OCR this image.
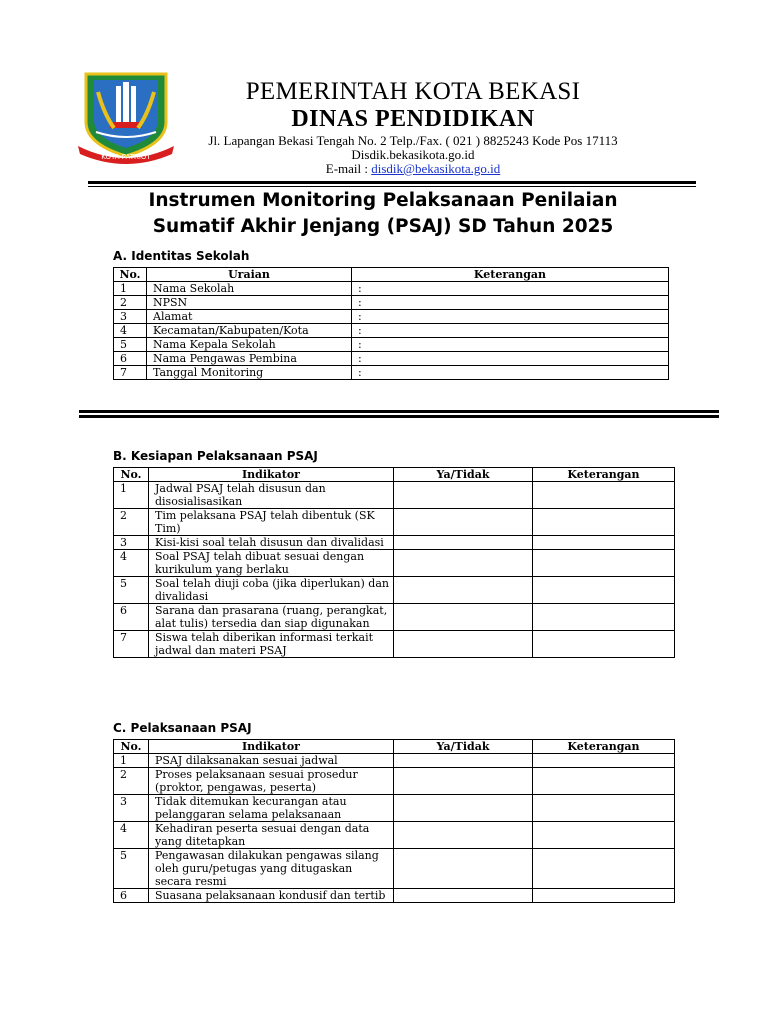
KOTA PATRIOT
PEMERINTAH KOTA BEKASI
DINAS PENDIDIKAN
Jl. Lapangan Bekasi Tengah No. 2 Telp./Fax. ( 021 ) 8825243 Kode Pos 17113
Disdik.bekasikota.go.id
E-mail : disdik@bekasikota.go.id
Instrumen Monitoring Pelaksanaan Penilaian
Sumatif Akhir Jenjang (PSAJ) SD Tahun 2025
A. Identitas Sekolah
No.	Uraian	Keterangan	
1	Nama Sekolah	:	
2	NPSN	:	
3	Alamat	:	
4	Kecamatan/Kabupaten/Kota	:	
5	Nama Kepala Sekolah	:	
6	Nama Pengawas Pembina	:	
7	Tanggal Monitoring	:	
B. Kesiapan Pelaksanaan PSAJ
No.	Indikator	Ya/Tidak	Keterangan
1	Jadwal PSAJ telah disusun dan disosialisasikan		
2	Tim pelaksana PSAJ telah dibentuk (SK Tim)		
3	Kisi-kisi soal telah disusun dan divalidasi		
4	Soal PSAJ telah dibuat sesuai dengan kurikulum yang berlaku		
5	Soal telah diuji coba (jika diperlukan) dan divalidasi		
6	Sarana dan prasarana (ruang, perangkat, alat tulis) tersedia dan siap digunakan		
7	Siswa telah diberikan informasi terkait jadwal dan materi PSAJ		
C. Pelaksanaan PSAJ
No.	Indikator	Ya/Tidak	Keterangan
1	PSAJ dilaksanakan sesuai jadwal		
2	Proses pelaksanaan sesuai prosedur (proktor, pengawas, peserta)		
3	Tidak ditemukan kecurangan atau pelanggaran selama pelaksanaan		
4	Kehadiran peserta sesuai dengan data yang ditetapkan		
5	Pengawasan dilakukan pengawas silang oleh guru/petugas yang ditugaskan secara resmi		
6	Suasana pelaksanaan kondusif dan tertib		
